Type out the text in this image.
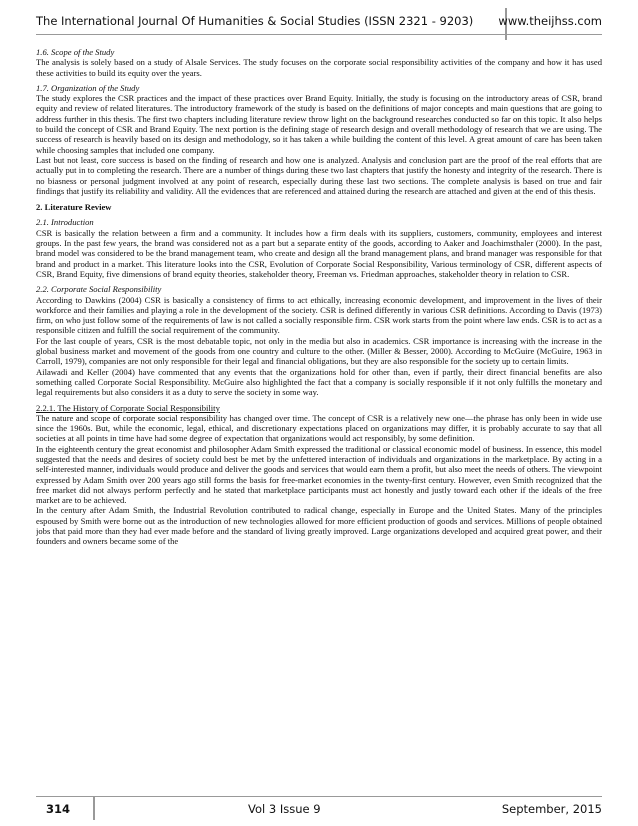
The International Journal Of Humanities & Social Studies (ISSN 2321 - 9203) www.theijhss.com

1.6. Scope of the Study

The analysis is solely based on a study of Alsale Services. The study focuses on the corporate social responsibility activities of the company and how it has used these activities to build its equity over the years.

1.7. Organization of the Study

The study explores the CSR practices and the impact of these practices over Brand Equity. Initially, the study is focusing on the introductory areas of CSR, brand equity and review of related literatures. The introductory framework of the study is based on the definitions of major concepts and main questions that are going to address further in this thesis. The first two chapters including literature review throw light on the background researches conducted so far on this topic. It also helps to build the concept of CSR and Brand Equity. The next portion is the defining stage of research design and overall methodology of research that we are using. The success of research is heavily based on its design and methodology, so it has taken a while building the content of this level. A great amount of care has been taken while choosing samples that included one company.

Last but not least, core success is based on the finding of research and how one is analyzed. Analysis and conclusion part are the proof of the real efforts that are actually put in to completing the research. There are a number of things during these two last chapters that justify the honesty and integrity of the research. There is no biasness or personal judgment involved at any point of research, especially during these last two sections. The complete analysis is based on true and fair findings that justify its reliability and validity. All the evidences that are referenced and attained during the research are attached and given at the end of this thesis.

2. Literature Review

2.1. Introduction

CSR is basically the relation between a firm and a community. It includes how a firm deals with its suppliers, customers, community, employees and interest groups. In the past few years, the brand was considered not as a part but a separate entity of the goods, according to Aaker and Joachimsthaler (2000). In the past, brand model was considered to be the brand management team, who create and design all the brand management plans, and brand manager was responsible for that brand and product in a market. This literature looks into the CSR, Evolution of Corporate Social Responsibility, Various terminology of CSR, different aspects of CSR, Brand Equity, five dimensions of brand equity theories, stakeholder theory, Freeman vs. Friedman approaches, stakeholder theory in relation to CSR.

2.2. Corporate Social Responsibility

According to Dawkins (2004) CSR is basically a consistency of firms to act ethically, increasing economic development, and improvement in the lives of their workforce and their families and playing a role in the development of the society. CSR is defined differently in various CSR definitions. According to Davis (1973) firm, on who just follow some of the requirements of law is not called a socially responsible firm. CSR work starts from the point where law ends. CSR is to act as a responsible citizen and fulfill the social requirement of the community.

For the last couple of years, CSR is the most debatable topic, not only in the media but also in academics. CSR importance is increasing with the increase in the global business market and movement of the goods from one country and culture to the other. (Miller & Besser, 2000). According to McGuire (McGuire, 1963 in Carroll, 1979), companies are not only responsible for their legal and financial obligations, but they are also responsible for the society up to certain limits.

Ailawadi and Keller (2004) have commented that any events that the organizations hold for other than, even if partly, their direct financial benefits are also something called Corporate Social Responsibility. McGuire also highlighted the fact that a company is socially responsible if it not only fulfills the monetary and legal requirements but also considers it as a duty to serve the society in some way.

2.2.1. The History of Corporate Social Responsibility

The nature and scope of corporate social responsibility has changed over time. The concept of CSR is a relatively new one—the phrase has only been in wide use since the 1960s. But, while the economic, legal, ethical, and discretionary expectations placed on organizations may differ, it is probably accurate to say that all societies at all points in time have had some degree of expectation that organizations would act responsibly, by some definition.

In the eighteenth century the great economist and philosopher Adam Smith expressed the traditional or classical economic model of business. In essence, this model suggested that the needs and desires of society could best be met by the unfettered interaction of individuals and organizations in the marketplace. By acting in a self-interested manner, individuals would produce and deliver the goods and services that would earn them a profit, but also meet the needs of others. The viewpoint expressed by Adam Smith over 200 years ago still forms the basis for free-market economies in the twenty-first century. However, even Smith recognized that the free market did not always perform perfectly and he stated that marketplace participants must act honestly and justly toward each other if the ideals of the free market are to be achieved.

In the century after Adam Smith, the Industrial Revolution contributed to radical change, especially in Europe and the United States. Many of the principles espoused by Smith were borne out as the introduction of new technologies allowed for more efficient production of goods and services. Millions of people obtained jobs that paid more than they had ever made before and the standard of living greatly improved. Large organizations developed and acquired great power, and their founders and owners became some of the

314	Vol 3 Issue 9	September, 2015
